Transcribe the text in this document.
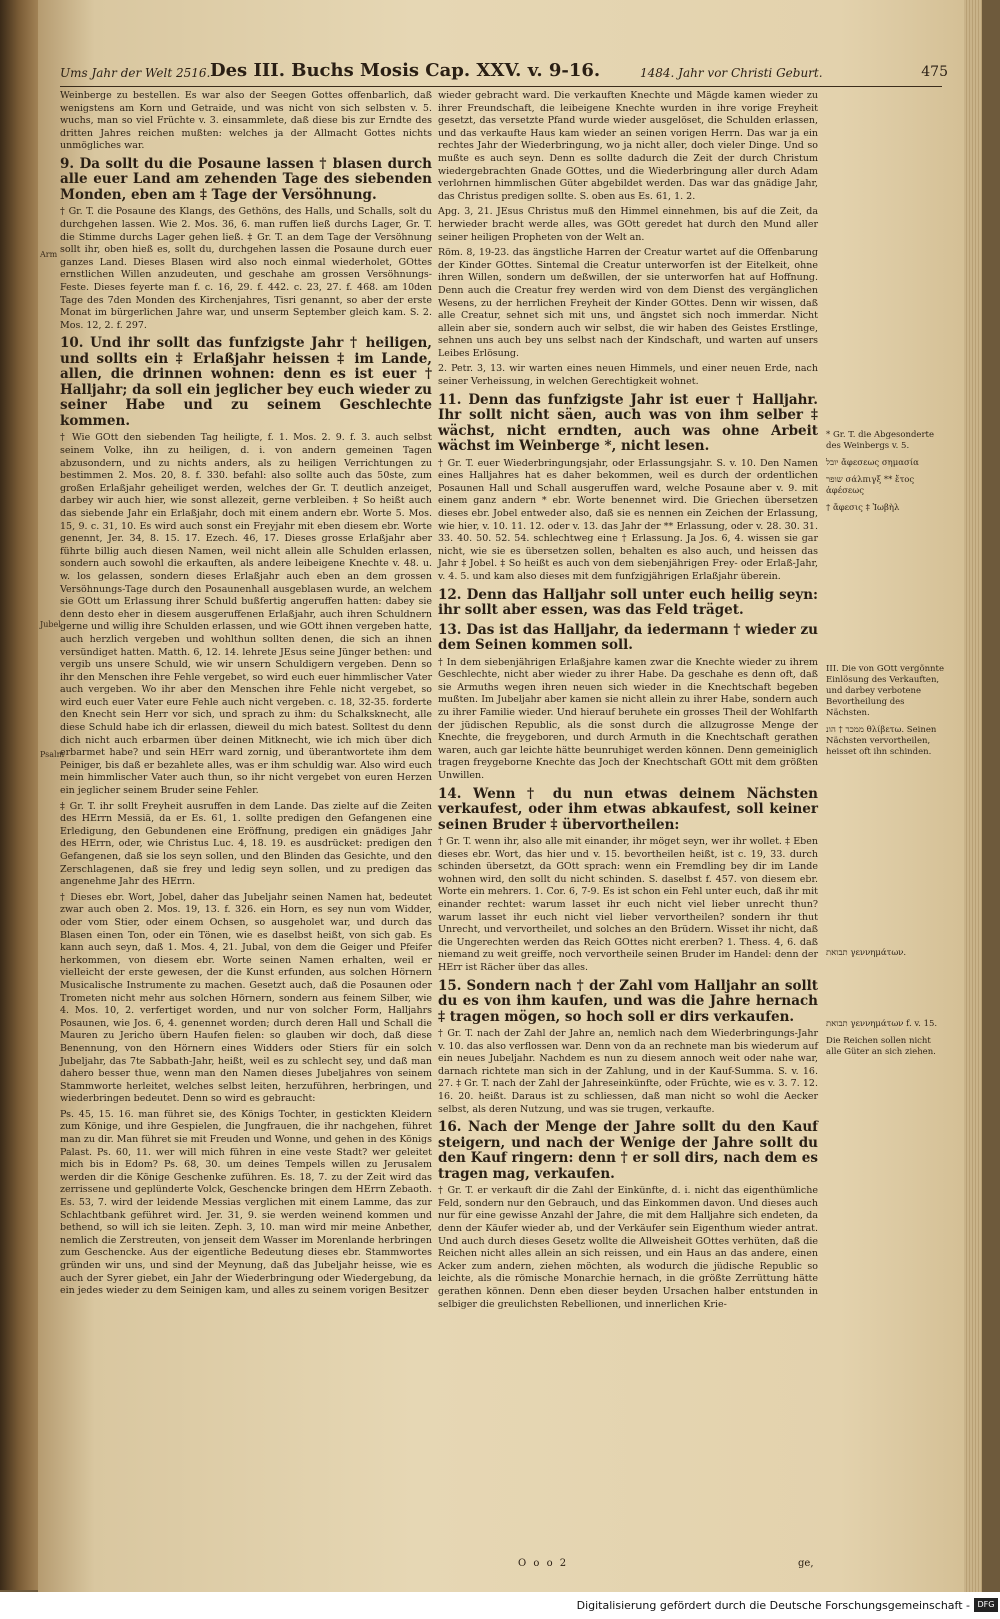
Ums Jahr der Welt 2516. Des III. Buchs Mosis Cap. XXV. v. 9-16.	1484. Jahr vor Christi Geburt.	475
Arm
Jubel
Psalm

Weinberge zu bestellen. Es war also der Seegen Gottes offenbarlich, daß wenigstens am Korn und Getraide, und was nicht von sich selbsten v. 5. wuchs, man so viel Früchte v. 3. einsammlete, daß diese bis zur Erndte des dritten Jahres reichen mußten: welches ja der Allmacht Gottes nichts unmögliches war.

9. Da sollt du die Posaune lassen † blasen durch alle euer Land am zehenden Tage des siebenden Monden, eben am ‡ Tage der Versöhnung.

† Gr. T. die Posaune des Klangs, des Gethöns, des Halls, und Schalls, solt du durchgehen lassen. Wie 2. Mos. 36, 6. man ruffen ließ durchs Lager, Gr. T. die Stimme durchs Lager gehen ließ. ‡ Gr. T. an dem Tage der Versöhnung sollt ihr, oben hieß es, sollt du, durchgehen lassen die Posaune durch euer ganzes Land. Dieses Blasen wird also noch einmal wiederholet, GOttes ernstlichen Willen anzudeuten, und geschahe am grossen Versöhnungs-Feste. Dieses feyerte man f. c. 16, 29. f. 442. c. 23, 27. f. 468. am 10den Tage des 7den Monden des Kirchenjahres, Tisri genannt, so aber der erste Monat im bürgerlichen Jahre war, und unserm September gleich kam. S. 2. Mos. 12, 2. f. 297.

10. Und ihr sollt das funfzigste Jahr † heiligen, und sollts ein ‡ Erlaßjahr heissen ‡ im Lande, allen, die drinnen wohnen: denn es ist euer † Halljahr; da soll ein jeglicher bey euch wieder zu seiner Habe und zu seinem Geschlechte kommen.

† Wie GOtt den siebenden Tag heiligte, f. 1. Mos. 2. 9. f. 3. auch selbst seinem Volke, ihn zu heiligen, d. i. von andern gemeinen Tagen abzusondern, und zu nichts anders, als zu heiligen Verrichtungen zu bestimmen 2. Mos. 20, 8. f. 330. befahl: also sollte auch das 50ste, zum großen Erlaßjahr geheiliget werden, welches der Gr. T. deutlich anzeiget, darbey wir auch hier, wie sonst allezeit, gerne verbleiben. ‡ So heißt auch das siebende Jahr ein Erlaßjahr, doch mit einem andern ebr. Worte 5. Mos. 15, 9. c. 31, 10. Es wird auch sonst ein Freyjahr mit eben diesem ebr. Worte genennt, Jer. 34, 8. 15. 17. Ezech. 46, 17. Dieses grosse Erlaßjahr aber führte billig auch diesen Namen, weil nicht allein alle Schulden erlassen, sondern auch sowohl die erkauften, als andere leibeigene Knechte v. 48. u. w. los gelassen, sondern dieses Erlaßjahr auch eben an dem grossen Versöhnungs-Tage durch den Posaunenhall ausgeblasen wurde, an welchem sie GOtt um Erlassung ihrer Schuld bußfertig angeruffen hatten: dabey sie denn desto eher in diesem ausgeruffenen Erlaßjahr, auch ihren Schuldnern gerne und willig ihre Schulden erlassen, und wie GOtt ihnen vergeben hatte, auch herzlich vergeben und wohlthun sollten denen, die sich an ihnen versündiget hatten. Matth. 6, 12. 14. lehrete JEsus seine Jünger bethen: und vergib uns unsere Schuld, wie wir unsern Schuldigern vergeben. Denn so ihr den Menschen ihre Fehle vergebet, so wird euch euer himmlischer Vater auch vergeben. Wo ihr aber den Menschen ihre Fehle nicht vergebet, so wird euch euer Vater eure Fehle auch nicht vergeben. c. 18, 32-35. forderte den Knecht sein Herr vor sich, und sprach zu ihm: du Schalksknecht, alle diese Schuld habe ich dir erlassen, dieweil du mich batest. Solltest du denn dich nicht auch erbarmen über deinen Mitknecht, wie ich mich über dich erbarmet habe? und sein HErr ward zornig, und überantwortete ihm dem Peiniger, bis daß er bezahlete alles, was er ihm schuldig war. Also wird euch mein himmlischer Vater auch thun, so ihr nicht vergebet von euren Herzen ein jeglicher seinem Bruder seine Fehler.

‡ Gr. T. ihr sollt Freyheit ausruffen in dem Lande. Das zielte auf die Zeiten des HErrn Messiä, da er Es. 61, 1. sollte predigen den Gefangenen eine Erledigung, den Gebundenen eine Eröffnung, predigen ein gnädiges Jahr des HErrn, oder, wie Christus Luc. 4, 18. 19. es ausdrücket: predigen den Gefangenen, daß sie los seyn sollen, und den Blinden das Gesichte, und den Zerschlagenen, daß sie frey und ledig seyn sollen, und zu predigen das angenehme Jahr des HErrn.

† Dieses ebr. Wort, Jobel, daher das Jubeljahr seinen Namen hat, bedeutet zwar auch oben 2. Mos. 19, 13. f. 326. ein Horn, es sey nun vom Widder, oder vom Stier, oder einem Ochsen, so ausgeholet war, und durch das Blasen einen Ton, oder ein Tönen, wie es daselbst heißt, von sich gab. Es kann auch seyn, daß 1. Mos. 4, 21. Jubal, von dem die Geiger und Pfeifer herkommen, von diesem ebr. Worte seinen Namen erhalten, weil er vielleicht der erste gewesen, der die Kunst erfunden, aus solchen Hörnern Musicalische Instrumente zu machen. Gesetzt auch, daß die Posaunen oder Trometen nicht mehr aus solchen Hörnern, sondern aus feinem Silber, wie 4. Mos. 10, 2. verfertiget worden, und nur von solcher Form, Halljahrs Posaunen, wie Jos. 6, 4. genennet worden; durch deren Hall und Schall die Mauren zu Jericho übern Haufen fielen: so glauben wir doch, daß diese Benennung, von den Hörnern eines Widders oder Stiers für ein solch Jubeljahr, das 7te Sabbath-Jahr, heißt, weil es zu schlecht sey, und daß man dahero besser thue, wenn man den Namen dieses Jubeljahres von seinem Stammworte herleitet, welches selbst leiten, herzuführen, herbringen, und wiederbringen bedeutet. Denn so wird es gebraucht:

Ps. 45, 15. 16. man führet sie, des Königs Tochter, in gestickten Kleidern zum Könige, und ihre Gespielen, die Jungfrauen, die ihr nachgehen, führet man zu dir. Man führet sie mit Freuden und Wonne, und gehen in des Königs Palast. Ps. 60, 11. wer will mich führen in eine veste Stadt? wer geleitet mich bis in Edom? Ps. 68, 30. um deines Tempels willen zu Jerusalem werden dir die Könige Geschenke zuführen. Es. 18, 7. zu der Zeit wird das zerrissene und geplünderte Volck, Geschencke bringen dem HErrn Zebaoth. Es. 53, 7. wird der leidende Messias verglichen mit einem Lamme, das zur Schlachtbank geführet wird. Jer. 31, 9. sie werden weinend kommen und bethend, so will ich sie leiten. Zeph. 3, 10. man wird mir meine Anbether, nemlich die Zerstreuten, von jenseit dem Wasser im Morenlande herbringen zum Geschencke. Aus der eigentliche Bedeutung dieses ebr. Stammwortes gründen wir uns, und sind der Meynung, daß das Jubeljahr heisse, wie es auch der Syrer giebet, ein Jahr der Wiederbringung oder Wiedergebung, da ein jedes wieder zu dem Seinigen kam, und alles zu seinem vorigen Besitzer

wieder gebracht ward. Die verkauften Knechte und Mägde kamen wieder zu ihrer Freundschaft, die leibeigene Knechte wurden in ihre vorige Freyheit gesetzt, das versetzte Pfand wurde wieder ausgelöset, die Schulden erlassen, und das verkaufte Haus kam wieder an seinen vorigen Herrn. Das war ja ein rechtes Jahr der Wiederbringung, wo ja nicht aller, doch vieler Dinge. Und so mußte es auch seyn. Denn es sollte dadurch die Zeit der durch Christum wiedergebrachten Gnade GOttes, und die Wiederbringung aller durch Adam verlohrnen himmlischen Güter abgebildet werden. Das war das gnädige Jahr, das Christus predigen sollte. S. oben aus Es. 61, 1. 2.

Apg. 3, 21. JEsus Christus muß den Himmel einnehmen, bis auf die Zeit, da herwieder bracht werde alles, was GOtt geredet hat durch den Mund aller seiner heiligen Propheten von der Welt an.

Röm. 8, 19-23. das ängstliche Harren der Creatur wartet auf die Offenbarung der Kinder GOttes. Sintemal die Creatur unterworfen ist der Eitelkeit, ohne ihren Willen, sondern um deßwillen, der sie unterworfen hat auf Hoffnung. Denn auch die Creatur frey werden wird von dem Dienst des vergänglichen Wesens, zu der herrlichen Freyheit der Kinder GOttes. Denn wir wissen, daß alle Creatur, sehnet sich mit uns, und ängstet sich noch immerdar. Nicht allein aber sie, sondern auch wir selbst, die wir haben des Geistes Erstlinge, sehnen uns auch bey uns selbst nach der Kindschaft, und warten auf unsers Leibes Erlösung.

2. Petr. 3, 13. wir warten eines neuen Himmels, und einer neuen Erde, nach seiner Verheissung, in welchen Gerechtigkeit wohnet.

11. Denn das funfzigste Jahr ist euer † Halljahr. Ihr sollt nicht säen, auch was von ihm selber ‡ wächst, nicht erndten, auch was ohne Arbeit wächst im Weinberge *, nicht lesen.

† Gr. T. euer Wiederbringungsjahr, oder Erlassungsjahr. S. v. 10. Den Namen eines Halljahres hat es daher bekommen, weil es durch der ordentlichen Posaunen Hall und Schall ausgeruffen ward, welche Posaune aber v. 9. mit einem ganz andern * ebr. Worte benennet wird. Die Griechen übersetzen dieses ebr. Jobel entweder also, daß sie es nennen ein Zeichen der Erlassung, wie hier, v. 10. 11. 12. oder v. 13. das Jahr der ** Erlassung, oder v. 28. 30. 31. 33. 40. 50. 52. 54. schlechtweg eine † Erlassung. Ja Jos. 6, 4. wissen sie gar nicht, wie sie es übersetzen sollen, behalten es also auch, und heissen das Jahr ‡ Jobel. ‡ So heißt es auch von dem siebenjährigen Frey- oder Erlaß-Jahr, v. 4. 5. und kam also dieses mit dem funfzigjährigen Erlaßjahr überein.

12. Denn das Halljahr soll unter euch heilig seyn: ihr sollt aber essen, was das Feld träget.

13. Das ist das Halljahr, da iedermann † wieder zu dem Seinen kommen soll.

† In dem siebenjährigen Erlaßjahre kamen zwar die Knechte wieder zu ihrem Geschlechte, nicht aber wieder zu ihrer Habe. Da geschahe es denn oft, daß sie Armuths wegen ihren neuen sich wieder in die Knechtschaft begeben mußten. Im Jubeljahr aber kamen sie nicht allein zu ihrer Habe, sondern auch zu ihrer Familie wieder. Und hierauf beruhete ein grosses Theil der Wohlfarth der jüdischen Republic, als die sonst durch die allzugrosse Menge der Knechte, die freygeboren, und durch Armuth in die Knechtschaft gerathen waren, auch gar leichte hätte beunruhiget werden können. Denn gemeiniglich tragen freygeborne Knechte das Joch der Knechtschaft GOtt mit dem größten Unwillen.

14. Wenn † du nun etwas deinem Nächsten verkaufest, oder ihm etwas abkaufest, soll keiner seinen Bruder ‡ übervortheilen:

† Gr. T. wenn ihr, also alle mit einander, ihr möget seyn, wer ihr wollet. ‡ Eben dieses ebr. Wort, das hier und v. 15. bevortheilen heißt, ist c. 19, 33. durch schinden übersetzt, da GOtt sprach: wenn ein Fremdling bey dir im Lande wohnen wird, den sollt du nicht schinden. S. daselbst f. 457. von diesem ebr. Worte ein mehrers. 1. Cor. 6, 7-9. Es ist schon ein Fehl unter euch, daß ihr mit einander rechtet: warum lasset ihr euch nicht viel lieber unrecht thun? warum lasset ihr euch nicht viel lieber vervortheilen? sondern ihr thut Unrecht, und vervortheilet, und solches an den Brüdern. Wisset ihr nicht, daß die Ungerechten werden das Reich GOttes nicht ererben? 1. Thess. 4, 6. daß niemand zu weit greiffe, noch vervortheile seinen Bruder im Handel: denn der HErr ist Rächer über das alles.

15. Sondern nach † der Zahl vom Halljahr an sollt du es von ihm kaufen, und was die Jahre hernach ‡ tragen mögen, so hoch soll er dirs verkaufen.

† Gr. T. nach der Zahl der Jahre an, nemlich nach dem Wiederbringungs-Jahr v. 10. das also verflossen war. Denn von da an rechnete man bis wiederum auf ein neues Jubeljahr. Nachdem es nun zu diesem annoch weit oder nahe war, darnach richtete man sich in der Zahlung, und in der Kauf-Summa. S. v. 16. 27. ‡ Gr. T. nach der Zahl der Jahreseinkünfte, oder Früchte, wie es v. 3. 7. 12. 16. 20. heißt. Daraus ist zu schliessen, daß man nicht so wohl die Aecker selbst, als deren Nutzung, und was sie trugen, verkaufte.

16. Nach der Menge der Jahre sollt du den Kauf steigern, und nach der Wenige der Jahre sollt du den Kauf ringern: denn † er soll dirs, nach dem es tragen mag, verkaufen.

† Gr. T. er verkauft dir die Zahl der Einkünfte, d. i. nicht das eigenthümliche Feld, sondern nur den Gebrauch, und das Einkommen davon. Und dieses auch nur für eine gewisse Anzahl der Jahre, die mit dem Halljahre sich endeten, da denn der Käufer wieder ab, und der Verkäufer sein Eigenthum wieder antrat. Und auch durch dieses Gesetz wollte die Allweisheit GOttes verhüten, daß die Reichen nicht alles allein an sich reissen, und ein Haus an das andere, einen Acker zum andern, ziehen möchten, als wodurch die jüdische Republic so leichte, als die römische Monarchie hernach, in die größte Zerrüttung hätte gerathen können. Denn eben dieser beyden Ursachen halber entstunden in selbiger die greulichsten Rebellionen, und innerlichen Krie-

* Gr. T. die Abgesonderte des Weinbergs v. 5.
יובל ἄφεσεως σημασία
שופר σάλπιγξ ** ἔτος ἀφέσεως
† ἄφεσις ‡ Ἰωβὴλ
III. Die von GOtt vergönnte Einlösung des Verkauften, und darbey verbotene Bevortheilung des Nächsten.
ממכר † הונ θλίβετω. Seinen Nächsten vervortheilen, heisset oft ihn schinden.
תבואת γεννημάτων.
תבואת γεννημάτων f. v. 15.
Die Reichen sollen nicht alle Güter an sich ziehen.
O o o 2	ge,
Digitalisierung gefördert durch die Deutsche Forschungsgemeinschaft - DFG
